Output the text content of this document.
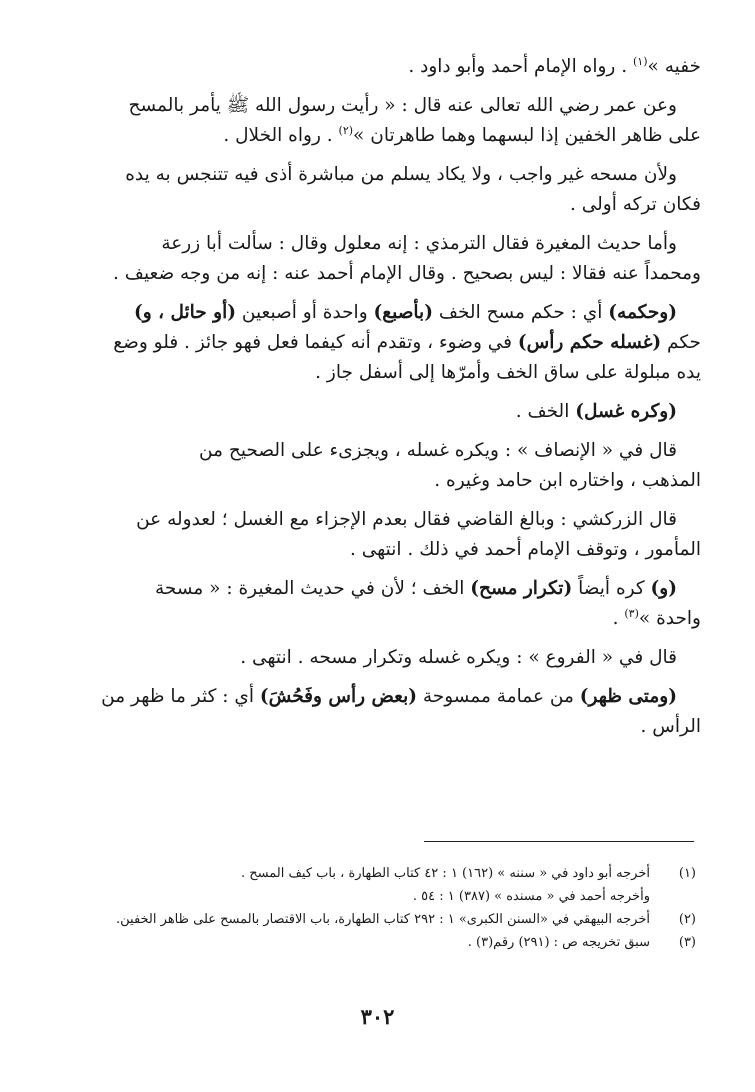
خفيه »$^{(١)}$ . رواه الإمام أحمد وأبو داود .

وعن عمر رضي الله تعالى عنه قال : « رأيت رسول الله ﷺ يأمر بالمسح
على ظاهر الخفين إذا لبسهما وهما طاهرتان »$^{(٢)}$ . رواه الخلال .

ولأن مسحه غير واجب ، ولا يكاد يسلم من مباشرة أذى فيه تتنجس به يده
فكان تركه أولى .

وأما حديث المغيرة فقال الترمذي : إنه معلول وقال : سألت أبا زرعة
ومحمداً عنه فقالا : ليس بصحيح . وقال الإمام أحمد عنه : إنه من وجه ضعيف .

(وحكمه) أي : حكم مسح الخف (بأصبع) واحدة أو أصبعين (أو حائل ، و)
حكم (غسله حكم رأس) في وضوء ، وتقدم أنه كيفما فعل فهو جائز . فلو وضع
يده مبلولة على ساق الخف وأمرّها إلى أسفل جاز .

(وكره غسل) الخف .

قال في « الإنصاف » : ويكره غسله ، ويجزىء على الصحيح من
المذهب ، واختاره ابن حامد وغيره .

قال الزركشي : وبالغ القاضي فقال بعدم الإجزاء مع الغسل ؛ لعدوله عن
المأمور ، وتوقف الإمام أحمد في ذلك . انتهى .

(و) كره أيضاً (تكرار مسح) الخف ؛ لأن في حديث المغيرة : « مسحة
واحدة »$^{(٣)}$ .

قال في « الفروع » : ويكره غسله وتكرار مسحه . انتهى .

(ومتى ظهر) من عمامة ممسوحة (بعض رأس وفَحُشَ) أي : كثر ما ظهر من
الرأس .

(١)أخرجه أبو داود في « سننه » (١٦٢) ١ : ٤٢ كتاب الطهارة ، باب كيف المسح .
وأخرجه أحمد في « مسنده » (٣٨٧) ١ : ٥٤ .
(٢)أخرجه البيهقي في «السنن الكبرى» ١ : ٢٩٢ كتاب الطهارة، باب الاقتصار بالمسح على ظاهر الخفين.
(٣)سبق تخريجه ص : (٢٩١) رقم(٣) .
٣٠٢
